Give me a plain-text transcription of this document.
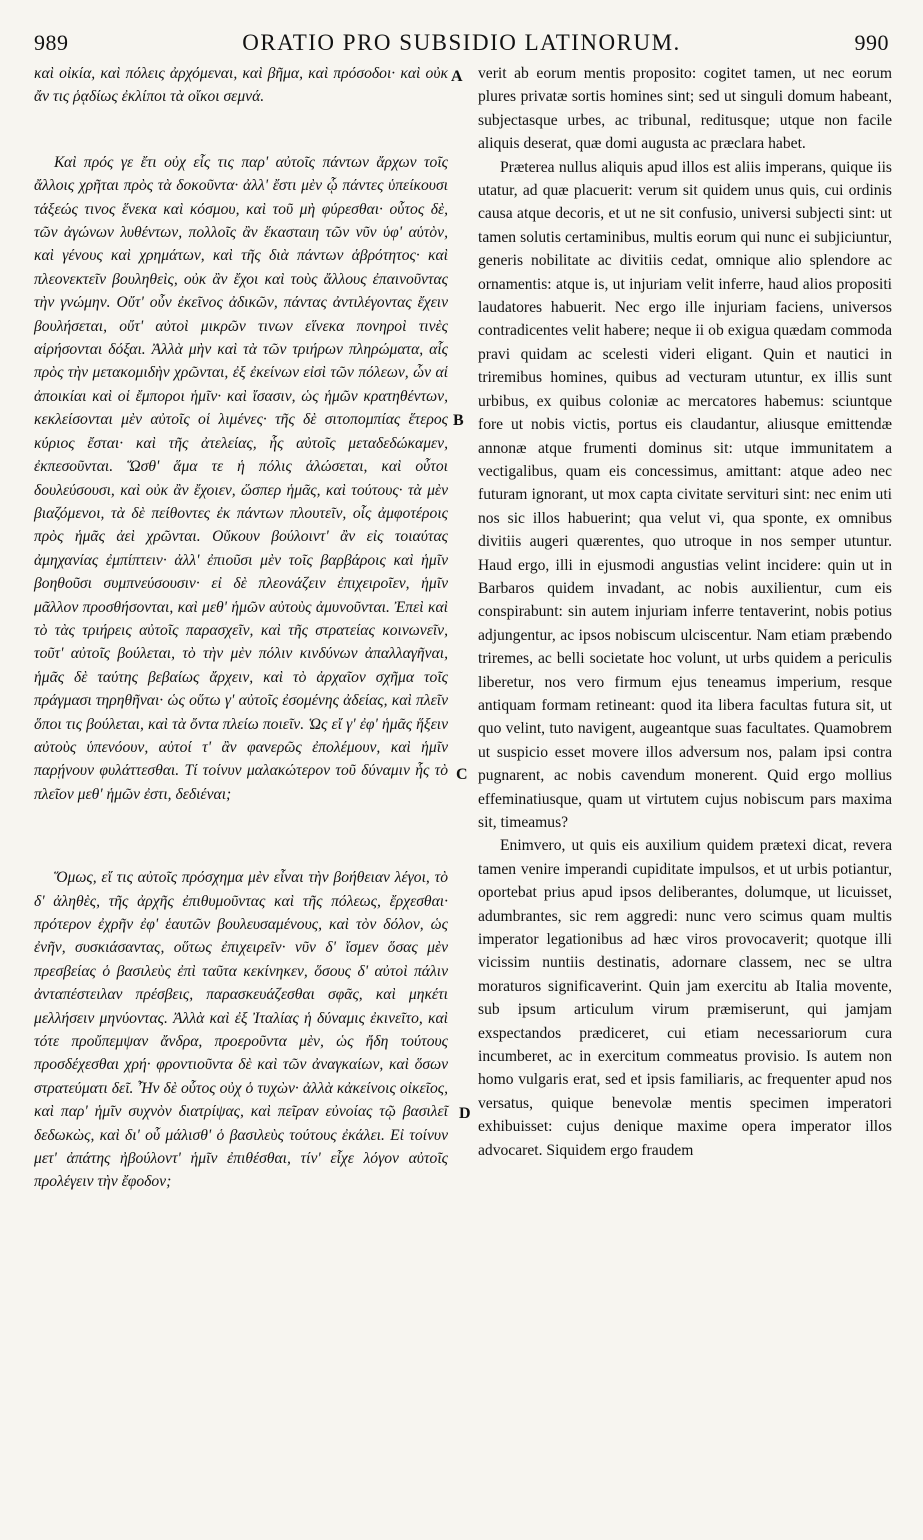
989	ORATIO PRO SUBSIDIO LATINORUM.	990

καὶ οἰκία, καὶ πόλεις ἀρχόμεναι, καὶ βῆμα, καὶ πρόσοδοι· καὶ οὐκ ἄν τις ῥᾳδίως ἐκλίποι τὰ οἴκοι σεμνά.

Καὶ πρός γε ἔτι οὐχ εἷς τις παρ' αὐτοῖς πάντων ἄρχων τοῖς ἄλλοις χρῆται πρὸς τὰ δοκοῦντα· ἀλλ' ἔστι μὲν ᾧ πάντες ὑπείκουσι τάξεώς τινος ἕνεκα καὶ κόσμου, καὶ τοῦ μὴ φύρεσθαι· οὗτος δὲ, τῶν ἀγώνων λυθέντων, πολλοῖς ἂν ἕκασταιη τῶν νῦν ὑφ' αὑτὸν, καὶ γένους καὶ χρημάτων, καὶ τῆς διὰ πάντων ἁβρότητος· καὶ πλεονεκτεῖν βουληθεὶς, οὐκ ἂν ἔχοι καὶ τοὺς ἄλλους ἐπαινοῦντας τὴν γνώμην. Οὔτ' οὖν ἐκεῖνος ἀδικῶν, πάντας ἀντιλέγοντας ἔχειν βουλήσεται, οὔτ' αὐτοὶ μικρῶν τινων εἵνεκα πονηροὶ τινὲς αἱρήσονται δόξαι. Ἀλλὰ μὴν καὶ τὰ τῶν τριήρων πληρώματα, αἷς πρὸς τὴν μετακομιδὴν χρῶνται, ἐξ ἐκείνων εἰσὶ τῶν πόλεων, ὧν αἱ ἀποικίαι καὶ οἱ ἔμποροι ἡμῖν· καὶ ἴσασιν, ὡς ἡμῶν κρατηθέντων, κεκλείσονται μὲν αὐτοῖς οἱ λιμένες· τῆς δὲ σιτοπομπίας ἕτερος κύριος ἔσται· καὶ τῆς ἀτελείας, ἧς αὐτοῖς μεταδεδώκαμεν, ἐκπεσοῦνται. Ὥσθ' ἅμα τε ἡ πόλις ἁλώσεται, καὶ οὗτοι δουλεύσουσι, καὶ οὐκ ἂν ἔχοιεν, ὥσπερ ἡμᾶς, καὶ τούτους· τὰ μὲν βιαζόμενοι, τὰ δὲ πείθοντες ἐκ πάντων πλουτεῖν, οἷς ἀμφοτέροις πρὸς ἡμᾶς ἀεὶ χρῶνται. Οὔκουν βούλοιντ' ἂν εἰς τοιαύτας ἀμηχανίας ἐμπίπτειν· ἀλλ' ἐπιοῦσι μὲν τοῖς βαρβάροις καὶ ἡμῖν βοηθοῦσι συμπνεύσουσιν· εἰ δὲ πλεονάζειν ἐπιχειροῖεν, ἡμῖν μᾶλλον προσθήσονται, καὶ μεθ' ἡμῶν αὐτοὺς ἀμυνοῦνται. Ἐπεὶ καὶ τὸ τὰς τριήρεις αὐτοῖς παρασχεῖν, καὶ τῆς στρατείας κοινωνεῖν, τοῦτ' αὐτοῖς βούλεται, τὸ τὴν μὲν πόλιν κινδύνων ἀπαλλαγῆναι, ἡμᾶς δὲ ταύτης βεβαίως ἄρχειν, καὶ τὸ ἀρχαῖον σχῆμα τοῖς πράγμασι τηρηθῆναι· ὡς οὕτω γ' αὐτοῖς ἐσομένης ἀδείας, καὶ πλεῖν ὅποι τις βούλεται, καὶ τὰ ὄντα πλείω ποιεῖν. Ὡς εἴ γ' ἐφ' ἡμᾶς ἥξειν αὐτοὺς ὑπενόουν, αὐτοί τ' ἂν φανερῶς ἐπολέμουν, καὶ ἡμῖν παρῄνουν φυλάττεσθαι. Τί τοίνυν μαλακώτερον τοῦ δύναμιν ἧς τὸ πλεῖον μεθ' ἡμῶν ἐστι, δεδιέναι;

Ὅμως, εἴ τις αὐτοῖς πρόσχημα μὲν εἶναι τὴν βοήθειαν λέγοι, τὸ δ' ἀληθὲς, τῆς ἀρχῆς ἐπιθυμοῦντας καὶ τῆς πόλεως, ἔρχεσθαι· πρότερον ἐχρῆν ἐφ' ἑαυτῶν βουλευσαμένους, καὶ τὸν δόλον, ὡς ἐνῆν, συσκιάσαντας, οὕτως ἐπιχειρεῖν· νῦν δ' ἴσμεν ὅσας μὲν πρεσβείας ὁ βασιλεὺς ἐπὶ ταῦτα κεκίνηκεν, ὅσους δ' αὐτοὶ πάλιν ἀνταπέστειλαν πρέσβεις, παρασκευάζεσθαι σφᾶς, καὶ μηκέτι μελλήσειν μηνύοντας. Ἀλλὰ καὶ ἐξ Ἰταλίας ἡ δύναμις ἐκινεῖτο, καὶ τότε προὔπεμψαν ἄνδρα, προεροῦντα μὲν, ὡς ἤδη τούτους προσδέχεσθαι χρή· φροντιοῦντα δὲ καὶ τῶν ἀναγκαίων, καὶ ὅσων στρατεύματι δεῖ. Ἦν δὲ οὗτος οὐχ ὁ τυχὼν· ἀλλὰ κἀκείνοις οἰκεῖος, καὶ παρ' ἡμῖν συχνὸν διατρίψας, καὶ πεῖραν εὐνοίας τῷ βασιλεῖ δεδωκὼς, καὶ δι' οὗ μάλισθ' ὁ βασιλεὺς τούτους ἐκάλει. Εἰ τοίνυν μετ' ἀπάτης ἠβούλοντ' ἡμῖν ἐπιθέσθαι, τίν' εἶχε λόγον αὐτοῖς προλέγειν τὴν ἔφοδον;

A
B
C
D

verit ab eorum mentis proposito: cogitet tamen, ut nec eorum plures privatæ sortis homines sint; sed ut singuli domum habeant, subjectasque urbes, ac tribunal, reditusque; utque non facile aliquis deserat, quæ domi augusta ac præclara habet.

Præterea nullus aliquis apud illos est aliis imperans, quique iis utatur, ad quæ placuerit: verum sit quidem unus quis, cui ordinis causa atque decoris, et ut ne sit confusio, universi subjecti sint: ut tamen solutis certaminibus, multis eorum qui nunc ei subjiciuntur, generis nobilitate ac divitiis cedat, omnique alio splendore ac ornamentis: atque is, ut injuriam velit inferre, haud alios propositi laudatores habuerit. Nec ergo ille injuriam faciens, universos contradicentes velit habere; neque ii ob exigua quædam commoda pravi quidam ac scelesti videri eligant. Quin et nautici in triremibus homines, quibus ad vecturam utuntur, ex illis sunt urbibus, ex quibus coloniæ ac mercatores habemus: sciuntque fore ut nobis victis, portus eis claudantur, aliusque emittendæ annonæ atque frumenti dominus sit: utque immunitatem a vectigalibus, quam eis concessimus, amittant: atque adeo nec futuram ignorant, ut mox capta civitate servituri sint: nec enim uti nos sic illos habuerint; qua velut vi, qua sponte, ex omnibus divitiis augeri quærentes, quo utroque in nos semper utuntur. Haud ergo, illi in ejusmodi angustias velint incidere: quin ut in Barbaros quidem invadant, ac nobis auxilientur, cum eis conspirabunt: sin autem injuriam inferre tentaverint, nobis potius adjungentur, ac ipsos nobiscum ulciscentur. Nam etiam præbendo triremes, ac belli societate hoc volunt, ut urbs quidem a periculis liberetur, nos vero firmum ejus teneamus imperium, resque antiquam formam retineant: quod ita libera facultas futura sit, ut quo velint, tuto navigent, augeantque suas facultates. Quamobrem ut suspicio esset movere illos adversum nos, palam ipsi contra pugnarent, ac nobis cavendum monerent. Quid ergo mollius effeminatiusque, quam ut virtutem cujus nobiscum pars maxima sit, timeamus?

Enimvero, ut quis eis auxilium quidem prætexi dicat, revera tamen venire imperandi cupiditate impulsos, et ut urbis potiantur, oportebat prius apud ipsos deliberantes, dolumque, ut licuisset, adumbrantes, sic rem aggredi: nunc vero scimus quam multis imperator legationibus ad hæc viros provocaverit; quotque illi vicissim nuntiis destinatis, adornare classem, nec se ultra moraturos significaverint. Quin jam exercitu ab Italia movente, sub ipsum articulum virum præmiserunt, qui jamjam exspectandos prædiceret, cui etiam necessariorum cura incumberet, ac in exercitum commeatus provisio. Is autem non homo vulgaris erat, sed et ipsis familiaris, ac frequenter apud nos versatus, quique benevolæ mentis specimen imperatori exhibuisset: cujus denique maxime opera imperator illos advocaret. Siquidem ergo fraudem
